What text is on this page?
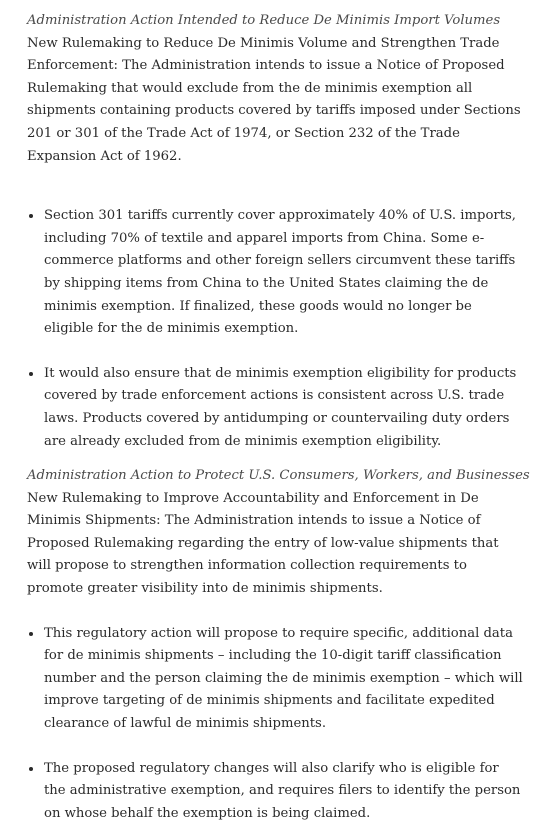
Administration Action Intended to Reduce De Minimis Import Volumes

New Rulemaking to Reduce De Minimis Volume and Strengthen Trade Enforcement: The Administration intends to issue a Notice of Proposed Rulemaking that would exclude from the de minimis exemption all shipments containing products covered by tariffs imposed under Sections 201 or 301 of the Trade Act of 1974, or Section 232 of the Trade Expansion Act of 1962.

Section 301 tariffs currently cover approximately 40% of U.S. imports, including 70% of textile and apparel imports from China. Some e-commerce platforms and other foreign sellers circumvent these tariffs by shipping items from China to the United States claiming the de minimis exemption. If finalized, these goods would no longer be eligible for the de minimis exemption.
It would also ensure that de minimis exemption eligibility for products covered by trade enforcement actions is consistent across U.S. trade laws. Products covered by antidumping or countervailing duty orders are already excluded from de minimis exemption eligibility.

Administration Action to Protect U.S. Consumers, Workers, and Businesses

New Rulemaking to Improve Accountability and Enforcement in De Minimis Shipments: The Administration intends to issue a Notice of Proposed Rulemaking regarding the entry of low-value shipments that will propose to strengthen information collection requirements to promote greater visibility into de minimis shipments.

This regulatory action will propose to require specific, additional data for de minimis shipments – including the 10-digit tariff classification number and the person claiming the de minimis exemption – which will improve targeting of de minimis shipments and facilitate expedited clearance of lawful de minimis shipments.
The proposed regulatory changes will also clarify who is eligible for the administrative exemption, and requires filers to identify the person on whose behalf the exemption is being claimed.
